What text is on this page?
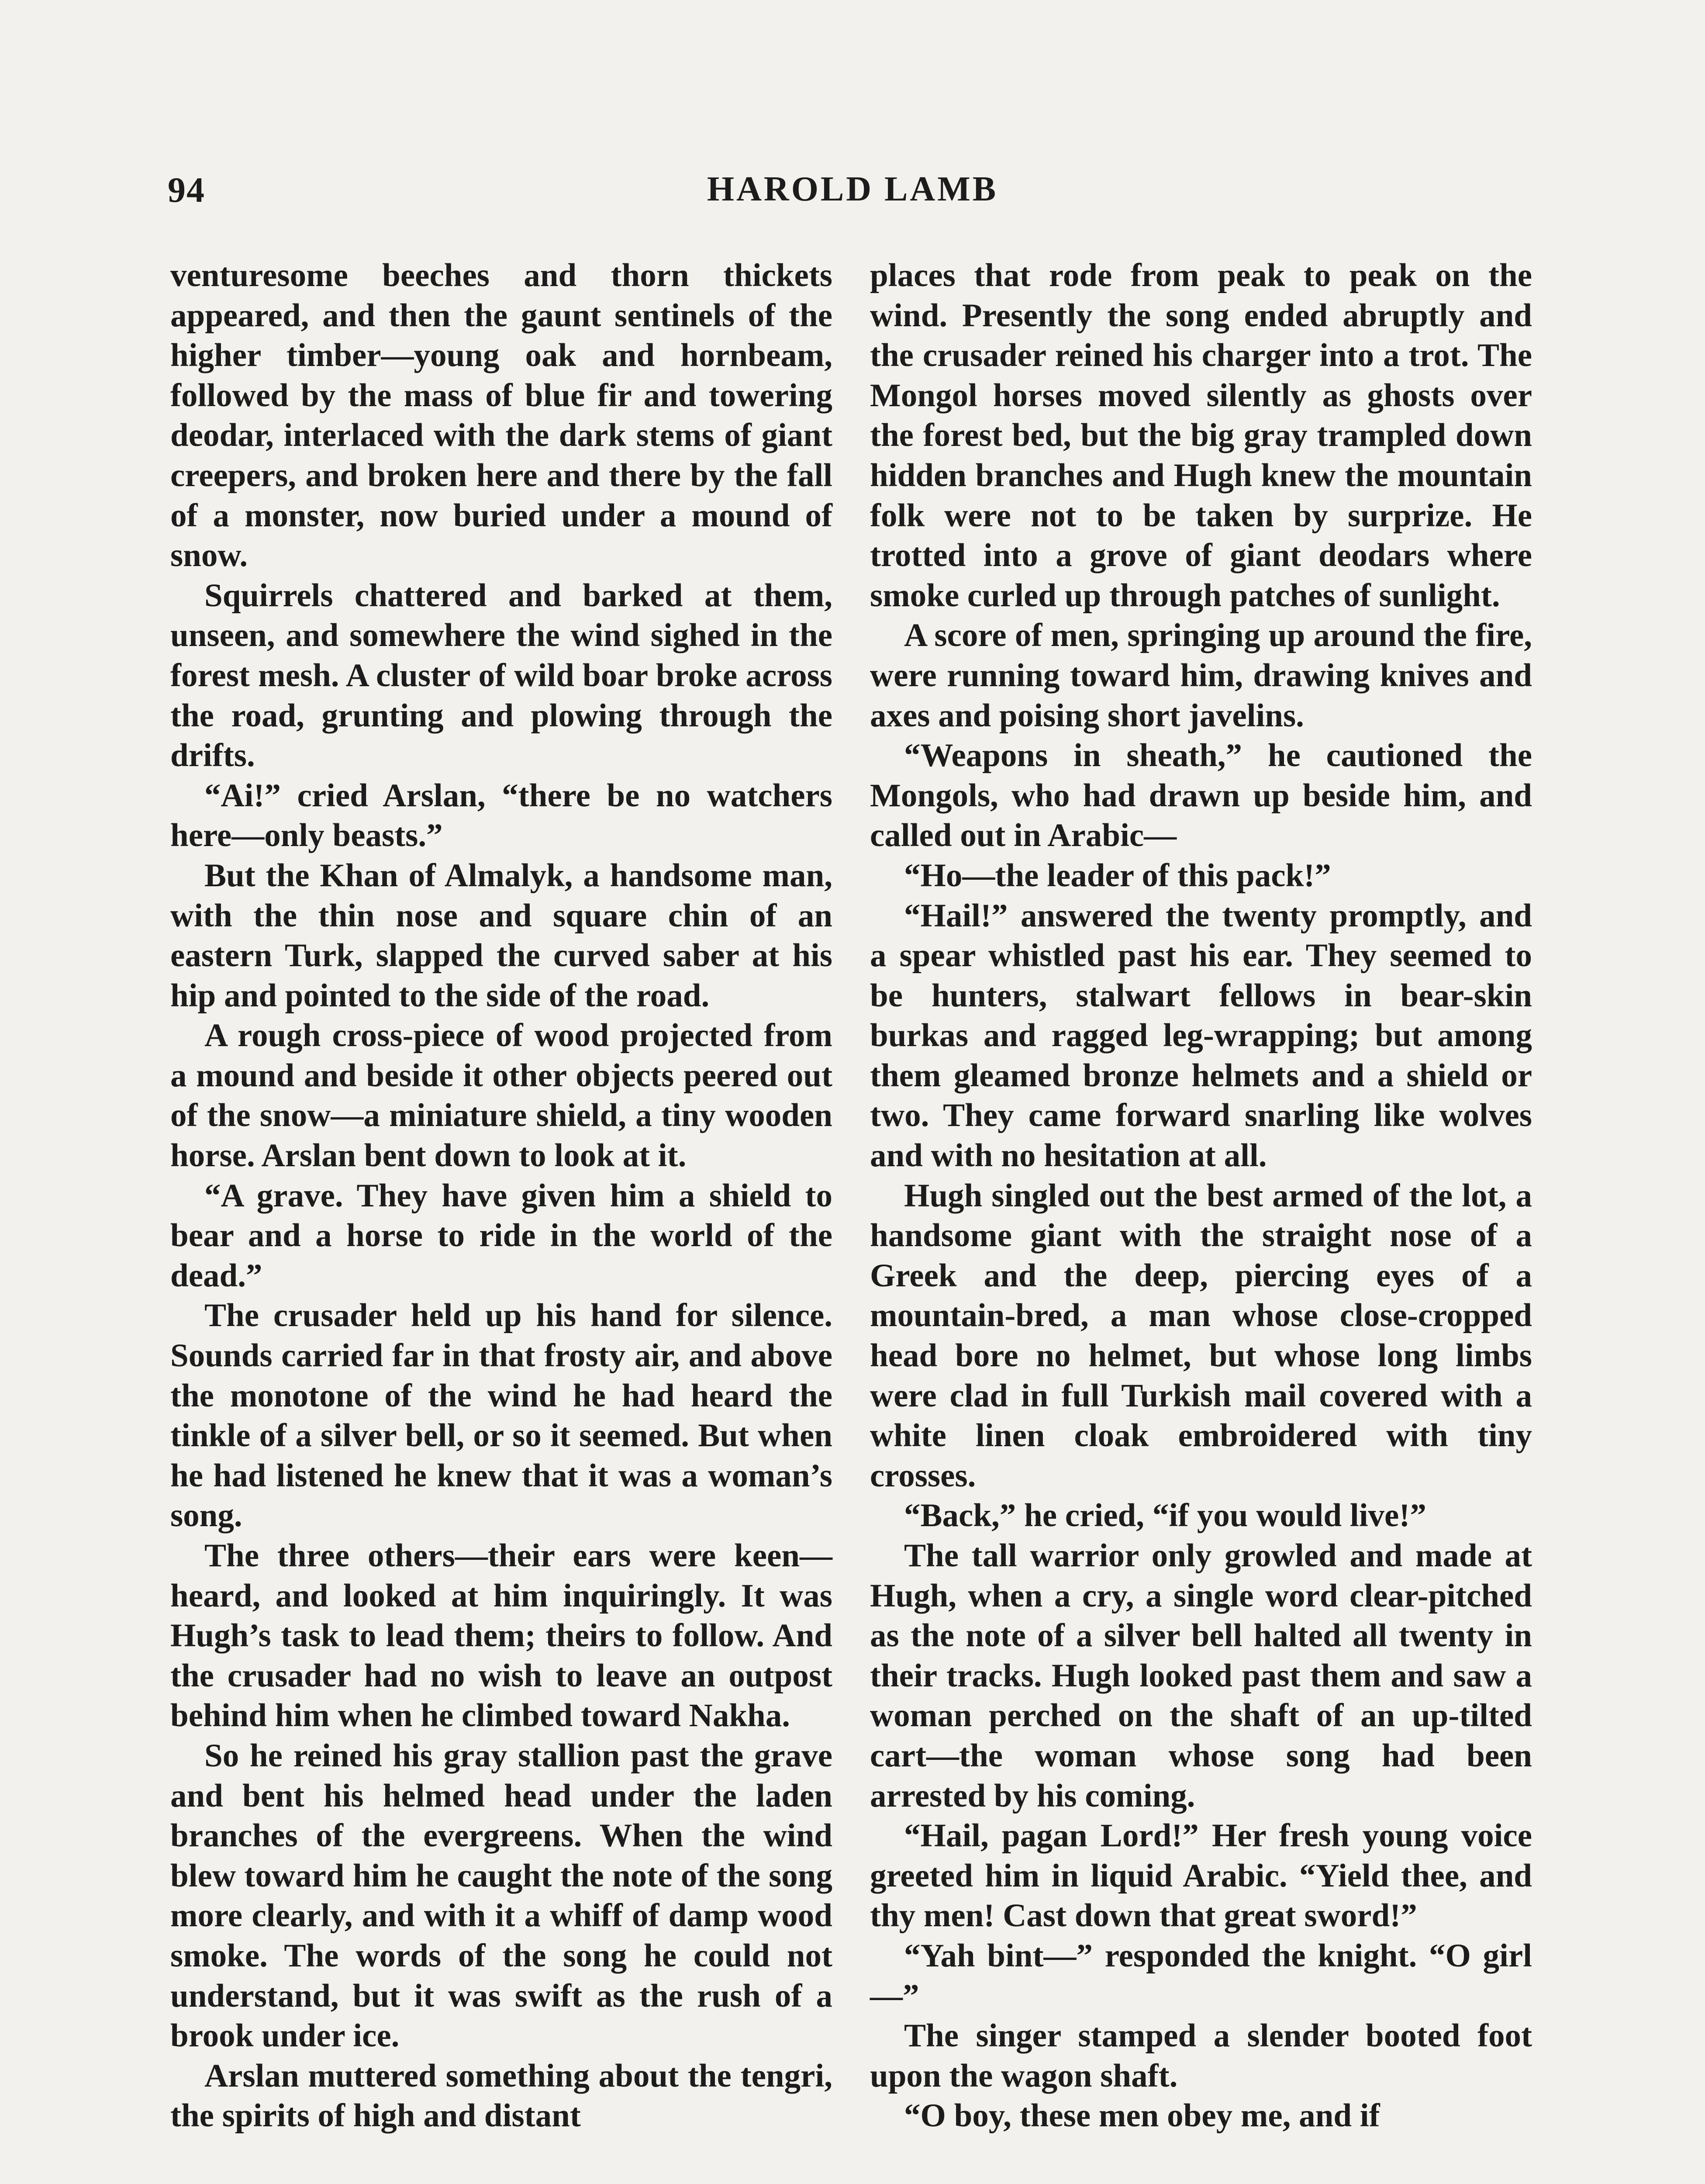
94	HAROLD LAMB

venturesome beeches and thorn thickets appeared, and then the gaunt sentinels of the higher timber—young oak and hornbeam, followed by the mass of blue fir and towering deodar, interlaced with the dark stems of giant creepers, and broken here and there by the fall of a monster, now buried under a mound of snow.

Squirrels chattered and barked at them, unseen, and somewhere the wind sighed in the forest mesh. A cluster of wild boar broke across the road, grunting and plowing through the drifts.

“Ai!” cried Arslan, “there be no watchers here—only beasts.”

But the Khan of Almalyk, a handsome man, with the thin nose and square chin of an eastern Turk, slapped the curved saber at his hip and pointed to the side of the road.

A rough cross-piece of wood projected from a mound and beside it other objects peered out of the snow—a miniature shield, a tiny wooden horse. Arslan bent down to look at it.

“A grave. They have given him a shield to bear and a horse to ride in the world of the dead.”

The crusader held up his hand for silence. Sounds carried far in that frosty air, and above the monotone of the wind he had heard the tinkle of a silver bell, or so it seemed. But when he had listened he knew that it was a woman’s song.

The three others—their ears were keen—heard, and looked at him inquiringly. It was Hugh’s task to lead them; theirs to follow. And the crusader had no wish to leave an outpost behind him when he climbed toward Nakha.

So he reined his gray stallion past the grave and bent his helmed head under the laden branches of the evergreens. When the wind blew toward him he caught the note of the song more clearly, and with it a whiff of damp wood smoke. The words of the song he could not understand, but it was swift as the rush of a brook under ice.

Arslan muttered something about the tengri, the spirits of high and distant

places that rode from peak to peak on the wind. Presently the song ended abruptly and the crusader reined his charger into a trot. The Mongol horses moved silently as ghosts over the forest bed, but the big gray trampled down hidden branches and Hugh knew the mountain folk were not to be taken by surprize. He trotted into a grove of giant deodars where smoke curled up through patches of sunlight.

A score of men, springing up around the fire, were running toward him, drawing knives and axes and poising short javelins.

“Weapons in sheath,” he cautioned the Mongols, who had drawn up beside him, and called out in Arabic—

“Ho—the leader of this pack!”

“Hail!” answered the twenty promptly, and a spear whistled past his ear. They seemed to be hunters, stalwart fellows in bear-skin burkas and ragged leg-wrapping; but among them gleamed bronze helmets and a shield or two. They came forward snarling like wolves and with no hesitation at all.

Hugh singled out the best armed of the lot, a handsome giant with the straight nose of a Greek and the deep, piercing eyes of a mountain-bred, a man whose close-cropped head bore no helmet, but whose long limbs were clad in full Turkish mail covered with a white linen cloak embroidered with tiny crosses.

“Back,” he cried, “if you would live!”

The tall warrior only growled and made at Hugh, when a cry, a single word clear-pitched as the note of a silver bell halted all twenty in their tracks. Hugh looked past them and saw a woman perched on the shaft of an up-tilted cart—the woman whose song had been arrested by his coming.

“Hail, pagan Lord!” Her fresh young voice greeted him in liquid Arabic. “Yield thee, and thy men! Cast down that great sword!”

“Yah bint—” responded the knight. “O girl—”

The singer stamped a slender booted foot upon the wagon shaft.

“O boy, these men obey me, and if
